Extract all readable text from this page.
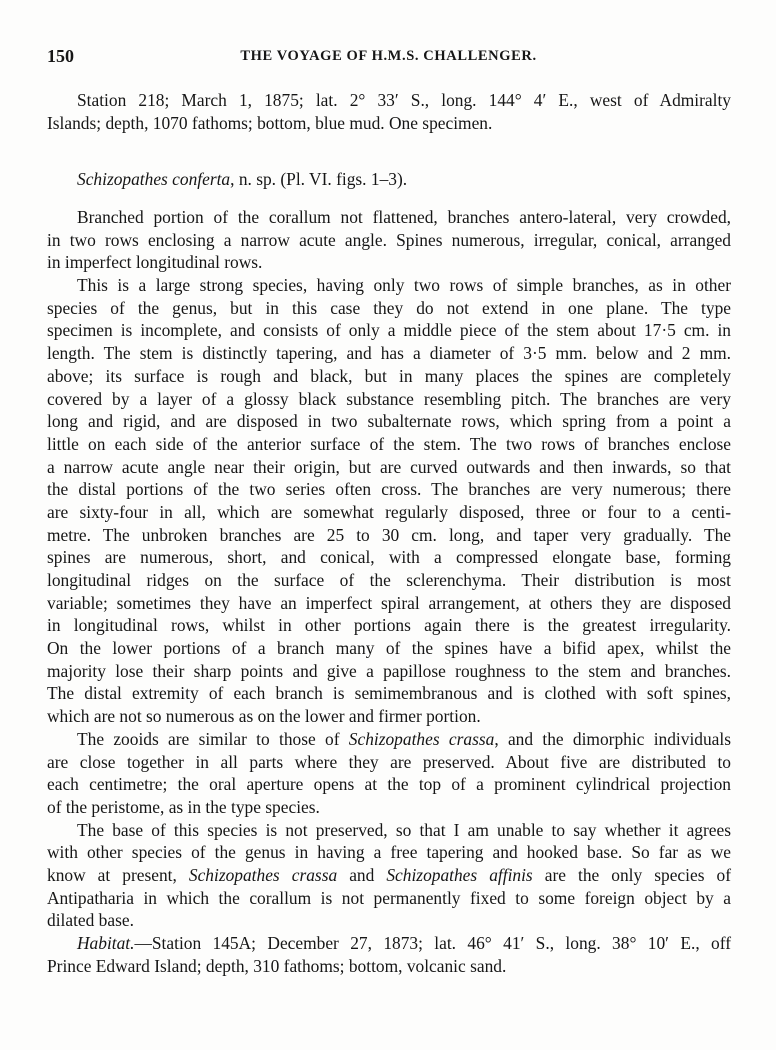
150	THE VOYAGE OF H.M.S. CHALLENGER.
Station 218; March 1, 1875; lat. 2° 33′ S., long. 144° 4′ E., west of Admiralty
Islands; depth, 1070 fathoms; bottom, blue mud. One specimen.
Schizopathes conferta, n. sp. (Pl. VI. figs. 1–3).
Branched portion of the corallum not flattened, branches antero-lateral, very crowded,
in two rows enclosing a narrow acute angle. Spines numerous, irregular, conical, arranged
in imperfect longitudinal rows.
This is a large strong species, having only two rows of simple branches, as in other
species of the genus, but in this case they do not extend in one plane. The type
specimen is incomplete, and consists of only a middle piece of the stem about 17·5 cm. in
length. The stem is distinctly tapering, and has a diameter of 3·5 mm. below and 2 mm.
above; its surface is rough and black, but in many places the spines are completely
covered by a layer of a glossy black substance resembling pitch. The branches are very
long and rigid, and are disposed in two subalternate rows, which spring from a point a
little on each side of the anterior surface of the stem. The two rows of branches enclose
a narrow acute angle near their origin, but are curved outwards and then inwards, so that
the distal portions of the two series often cross. The branches are very numerous; there
are sixty-four in all, which are somewhat regularly disposed, three or four to a centi-
metre. The unbroken branches are 25 to 30 cm. long, and taper very gradually. The
spines are numerous, short, and conical, with a compressed elongate base, forming
longitudinal ridges on the surface of the sclerenchyma. Their distribution is most
variable; sometimes they have an imperfect spiral arrangement, at others they are disposed
in longitudinal rows, whilst in other portions again there is the greatest irregularity.
On the lower portions of a branch many of the spines have a bifid apex, whilst the
majority lose their sharp points and give a papillose roughness to the stem and branches.
The distal extremity of each branch is semimembranous and is clothed with soft spines,
which are not so numerous as on the lower and firmer portion.
The zooids are similar to those of Schizopathes crassa, and the dimorphic individuals
are close together in all parts where they are preserved. About five are distributed to
each centimetre; the oral aperture opens at the top of a prominent cylindrical projection
of the peristome, as in the type species.
The base of this species is not preserved, so that I am unable to say whether it agrees
with other species of the genus in having a free tapering and hooked base. So far as we
know at present, Schizopathes crassa and Schizopathes affinis are the only species of
Antipatharia in which the corallum is not permanently fixed to some foreign object by a
dilated base.
Habitat.—Station 145A; December 27, 1873; lat. 46° 41′ S., long. 38° 10′ E., off
Prince Edward Island; depth, 310 fathoms; bottom, volcanic sand.
